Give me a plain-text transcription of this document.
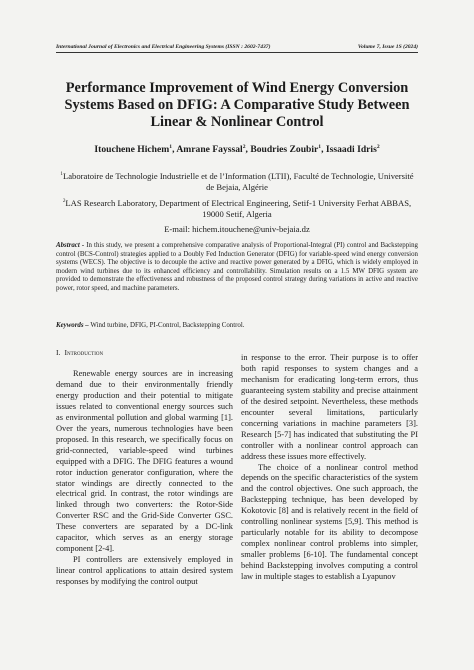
International Journal of Electronics and Electrical Engineering Systems (ISSN : 2602-7437)	Volume 7, Issue 1S (2024)
Performance Improvement of Wind Energy Conversion Systems Based on DFIG: A Comparative Study Between Linear & Nonlinear Control
Itouchene Hichem$^1$, Amrane Fayssal$^2$, Boudries Zoubir$^1$, Issaadi Idris$^2$
$^1$Laboratoire de Technologie Industrielle et de l’Information (LTII), Faculté de Technologie, Université de Bejaia, Algérie
$^2$LAS Research Laboratory, Department of Electrical Engineering, Setif-1 University Ferhat ABBAS, 19000 Setif, Algeria
E-mail: hichem.itouchene@univ-bejaia.dz
Abstract - In this study, we present a comprehensive comparative analysis of Proportional-Integral (PI) control and Backstepping control (BCS-Control) strategies applied to a Doubly Fed Induction Generator (DFIG) for variable-speed wind energy conversion systems (WECS). The objective is to decouple the active and reactive power generated by a DFIG, which is widely employed in modern wind turbines due to its enhanced efficiency and controllability. Simulation results on a 1.5 MW DFIG system are provided to demonstrate the effectiveness and robustness of the proposed control strategy during variations in active and reactive power, rotor speed, and machine parameters.
Keywords – Wind turbine, DFIG, PI-Control, Backstepping Control.
I. Introduction

Renewable energy sources are in increasing demand due to their environmentally friendly energy production and their potential to mitigate issues related to conventional energy sources such as environmental pollution and global warming [1]. Over the years, numerous technologies have been proposed. In this research, we specifically focus on grid-connected, variable-speed wind turbines equipped with a DFIG. The DFIG features a wound rotor induction generator configuration, where the stator windings are directly connected to the electrical grid. In contrast, the rotor windings are linked through two converters: the Rotor-Side Converter RSC and the Grid-Side Converter GSC. These converters are separated by a DC-link capacitor, which serves as an energy storage component [2-4].

PI controllers are extensively employed in linear control applications to attain desired system responses by modifying the control output

in response to the error. Their purpose is to offer both rapid responses to system changes and a mechanism for eradicating long-term errors, thus guaranteeing system stability and precise attainment of the desired setpoint. Nevertheless, these methods encounter several limitations, particularly concerning variations in machine parameters [3]. Research [5-7] has indicated that substituting the PI controller with a nonlinear control approach can address these issues more effectively.

The choice of a nonlinear control method depends on the specific characteristics of the system and the control objectives. One such approach, the Backstepping technique, has been developed by Kokotovic [8] and is relatively recent in the field of controlling nonlinear systems [5,9]. This method is particularly notable for its ability to decompose complex nonlinear control problems into simpler, smaller problems [6-10]. The fundamental concept behind Backstepping involves computing a control law in multiple stages to establish a Lyapunov
